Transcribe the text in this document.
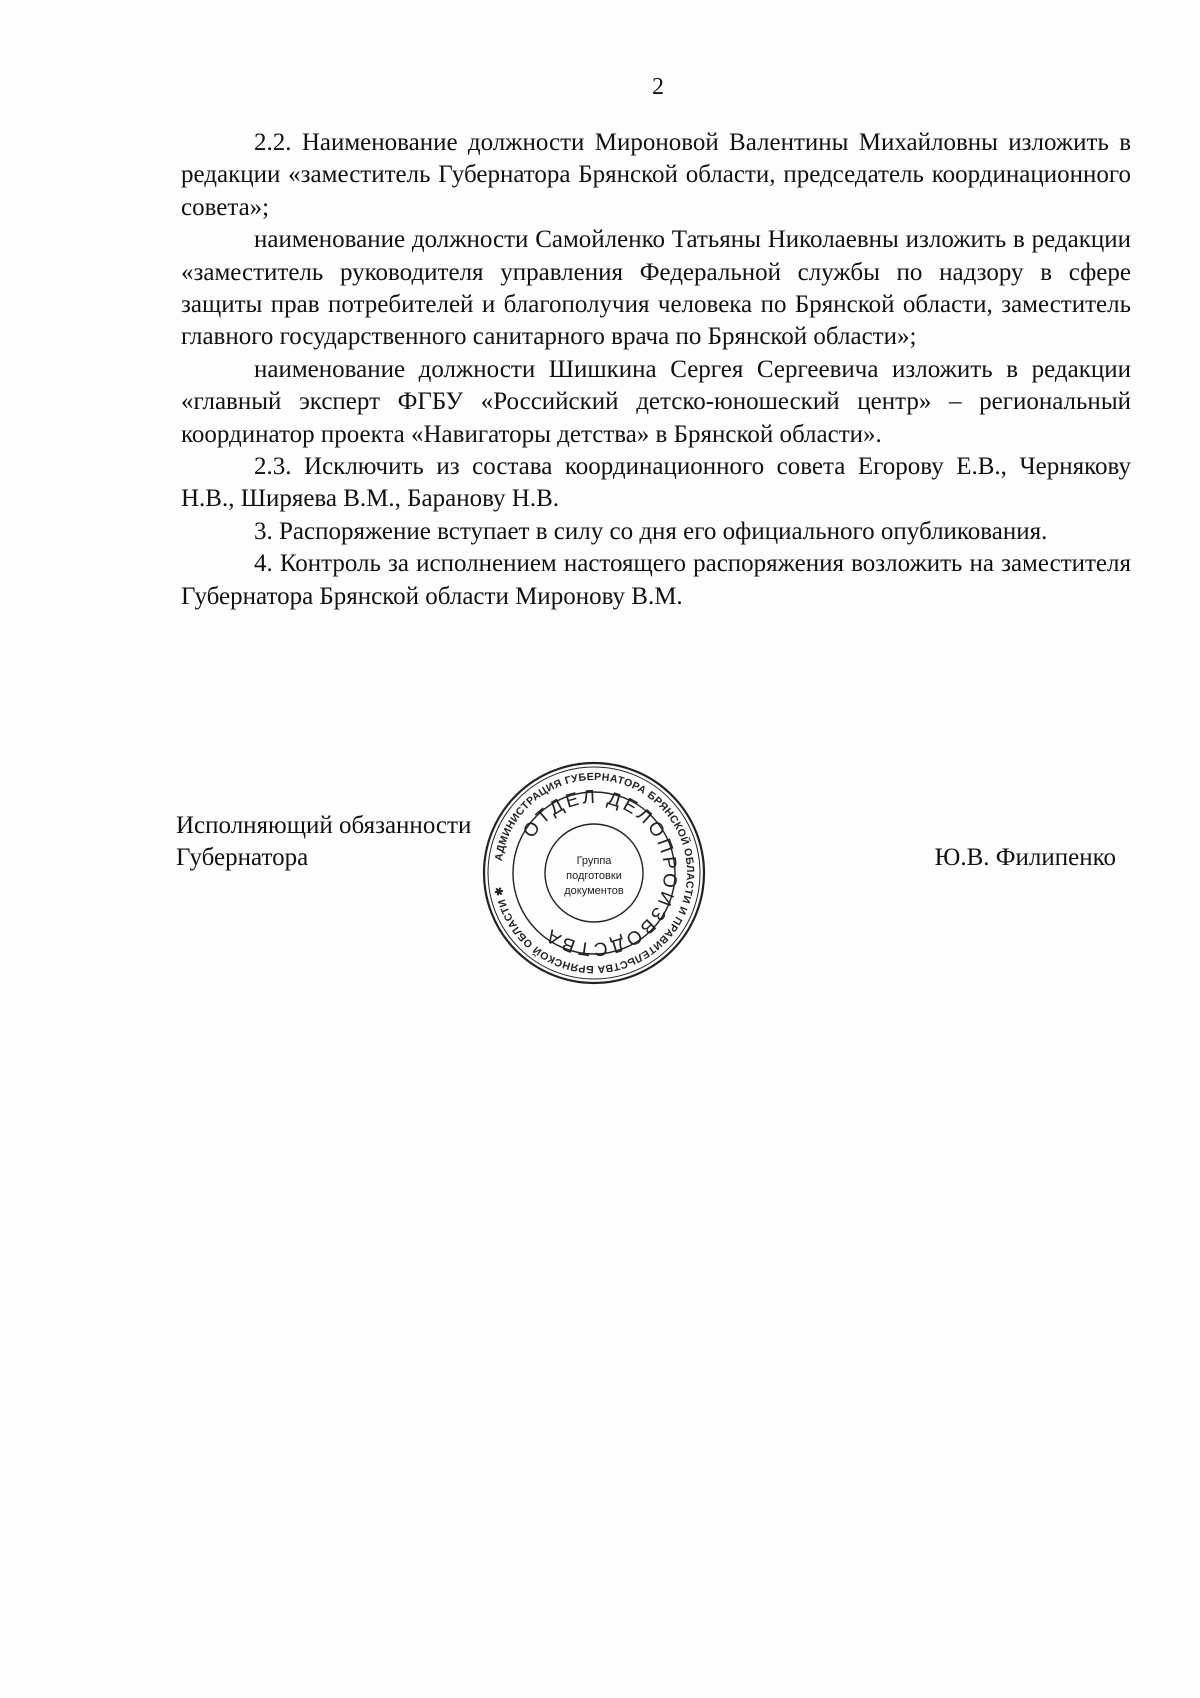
2

2.2. Наименование должности Мироновой Валентины Михайловны изложить в редакции «заместитель Губернатора Брянской области, председатель координационного совета»;

наименование должности Самойленко Татьяны Николаевны изложить в редакции «заместитель руководителя управления Федеральной службы по надзору в сфере защиты прав потребителей и благополучия человека по Брянской области, заместитель главного государственного санитарного врача по Брянской области»;

наименование должности Шишкина Сергея Сергеевича изложить в редакции «главный эксперт ФГБУ «Российский детско-юношеский центр» – региональный координатор проекта «Навигаторы детства» в Брянской области».

2.3. Исключить из состава координационного совета Егорову Е.В., Чернякову Н.В., Ширяева В.М., Баранову Н.В.

3. Распоряжение вступает в силу со дня его официального опубликования.

4. Контроль за исполнением настоящего распоряжения возложить на заместителя Губернатора Брянской области Миронову В.М.

Исполняющий обязанности
Губернатора	Ю.В. Филипенко
АДМИНИСТРАЦИЯ ГУБЕРНАТОРА БРЯНСКОЙ ОБЛАСТИ И ПРАВИТЕЛЬСТВА БРЯНСКОЙ ОБЛАСТИ ✱
ОТДЕЛ ДЕЛОПРОИЗВОДСТВА
Группа
подготовки
документов
